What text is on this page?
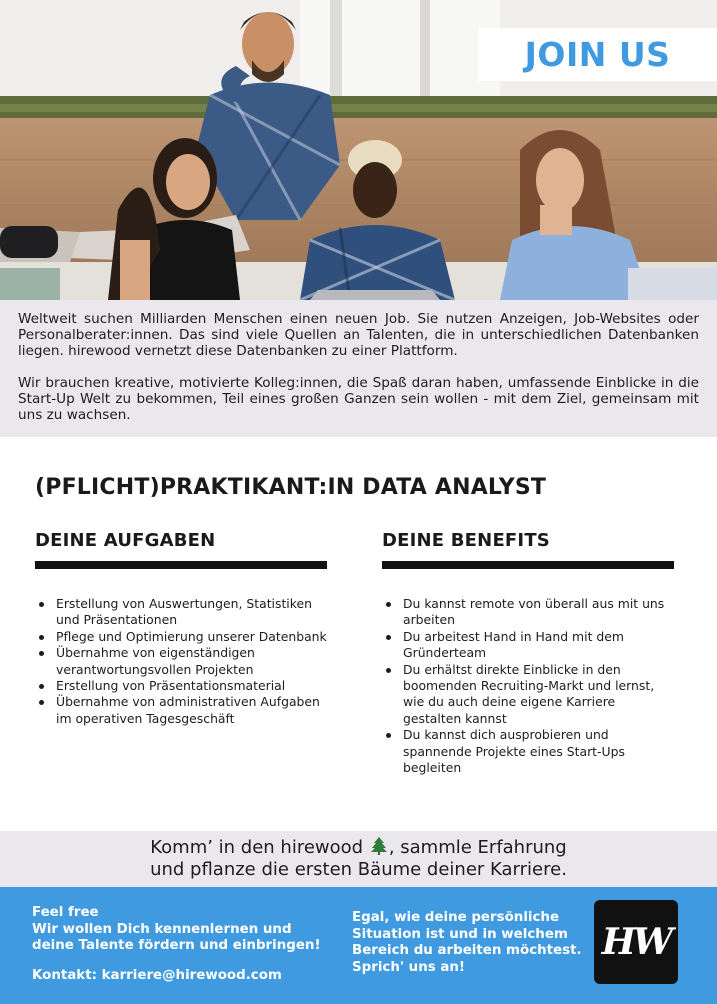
JOIN US

Weltweit suchen Milliarden Menschen einen neuen Job. Sie nutzen Anzeigen, Job-Websites oder Personalberater:innen. Das sind viele Quellen an Talenten, die in unterschiedlichen Datenbanken liegen. hirewood vernetzt diese Datenbanken zu einer Plattform.

Wir brauchen kreative, motivierte Kolleg:innen, die Spaß daran haben, umfassende Einblicke in die Start-Up Welt zu bekommen, Teil eines großen Ganzen sein wollen - mit dem Ziel, gemeinsam mit uns zu wachsen.

(PFLICHT)PRAKTIKANT:IN DATA ANALYST
DEINE AUFGABEN
Erstellung von Auswertungen, Statistiken und Präsentationen
Pflege und Optimierung unserer Datenbank
Übernahme von eigenständigen verantwortungsvollen Projekten
Erstellung von Präsentationsmaterial
Übernahme von administrativen Aufgaben im operativen Tagesgeschäft
DEINE BENEFITS
Du kannst remote von überall aus mit uns arbeiten
Du arbeitest Hand in Hand mit dem Gründerteam
Du erhältst direkte Einblicke in den boomenden Recruiting-Markt und lernst, wie du auch deine eigene Karriere gestalten kannst
Du kannst dich ausprobieren und spannende Projekte eines Start-Ups begleiten
Komm’ in den hirewood , sammle Erfahrung
und pflanze die ersten Bäume deiner Karriere.
Feel free
Wir wollen Dich kennenlernen und deine Talente fördern und einbringen!
Kontakt: karriere@hirewood.com
Egal, wie deine persönliche Situation ist und in welchem Bereich du arbeiten möchtest. Sprich' uns an!
HW
